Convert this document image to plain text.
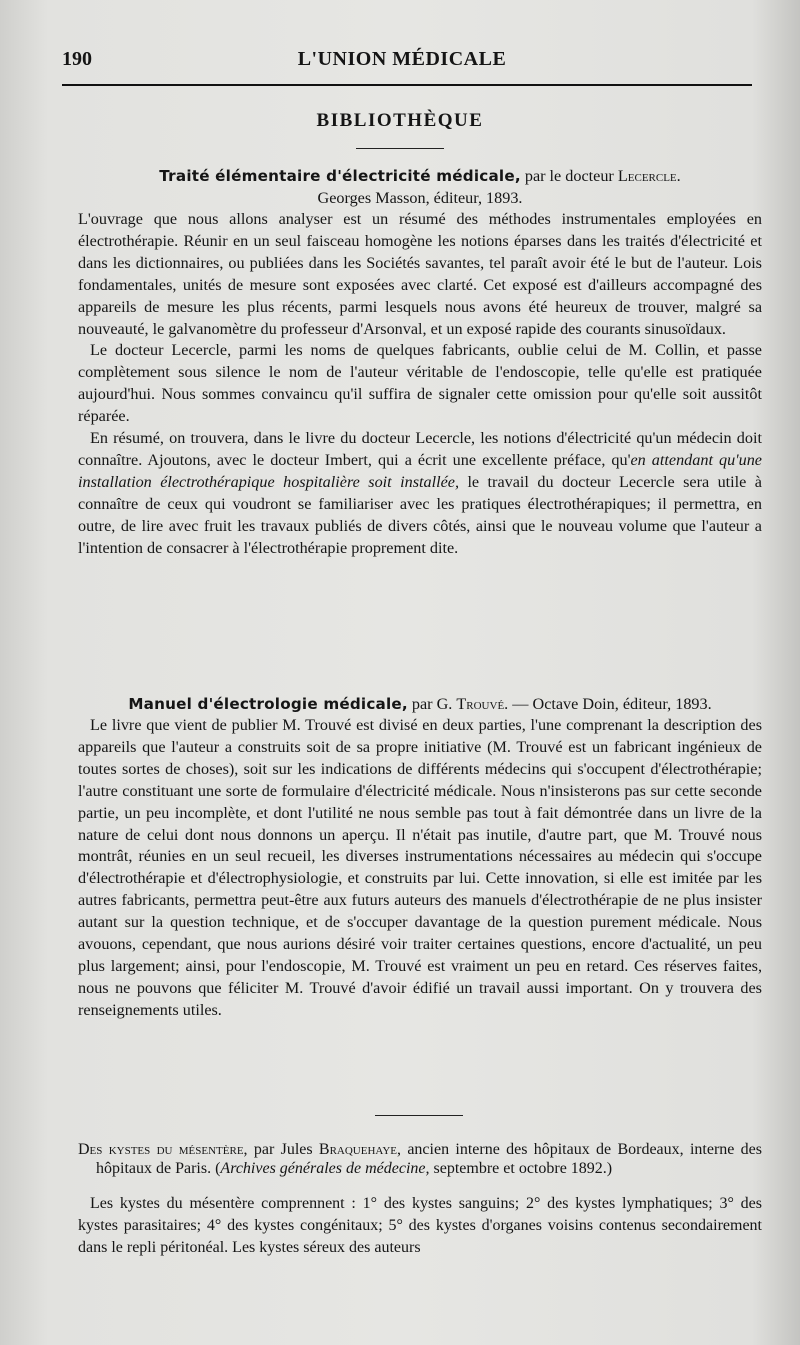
190	L'UNION MÉDICALE
BIBLIOTHÈQUE

Traité élémentaire d'électricité médicale, par le docteur Lecercle.
Georges Masson, éditeur, 1893.

L'ouvrage que nous allons analyser est un résumé des méthodes instrumentales employées en électrothérapie. Réunir en un seul faisceau homogène les notions éparses dans les traités d'électricité et dans les dictionnaires, ou publiées dans les Sociétés savantes, tel paraît avoir été le but de l'auteur. Lois fondamentales, unités de mesure sont exposées avec clarté. Cet exposé est d'ailleurs accompagné des appareils de mesure les plus récents, parmi lesquels nous avons été heureux de trouver, malgré sa nouveauté, le galvanomètre du professeur d'Arsonval, et un exposé rapide des courants sinusoïdaux.

Le docteur Lecercle, parmi les noms de quelques fabricants, oublie celui de M. Collin, et passe complètement sous silence le nom de l'auteur véritable de l'endoscopie, telle qu'elle est pratiquée aujourd'hui. Nous sommes convaincu qu'il suffira de signaler cette omission pour qu'elle soit aussitôt réparée.

En résumé, on trouvera, dans le livre du docteur Lecercle, les notions d'électricité qu'un médecin doit connaître. Ajoutons, avec le docteur Imbert, qui a écrit une excellente préface, qu'en attendant qu'une installation électrothérapique hospitalière soit installée, le travail du docteur Lecercle sera utile à connaître de ceux qui voudront se familiariser avec les pratiques électrothérapiques; il permettra, en outre, de lire avec fruit les travaux publiés de divers côtés, ainsi que le nouveau volume que l'auteur a l'intention de consacrer à l'électrothérapie proprement dite.

Manuel d'électrologie médicale, par G. Trouvé. — Octave Doin, éditeur, 1893.

Le livre que vient de publier M. Trouvé est divisé en deux parties, l'une comprenant la description des appareils que l'auteur a construits soit de sa propre initiative (M. Trouvé est un fabricant ingénieux de toutes sortes de choses), soit sur les indications de différents médecins qui s'occupent d'électrothérapie; l'autre constituant une sorte de formulaire d'électricité médicale. Nous n'insisterons pas sur cette seconde partie, un peu incomplète, et dont l'utilité ne nous semble pas tout à fait démontrée dans un livre de la nature de celui dont nous donnons un aperçu. Il n'était pas inutile, d'autre part, que M. Trouvé nous montrât, réunies en un seul recueil, les diverses instrumentations nécessaires au médecin qui s'occupe d'électrothérapie et d'électrophysiologie, et construits par lui. Cette innovation, si elle est imitée par les autres fabricants, permettra peut-être aux futurs auteurs des manuels d'électrothérapie de ne plus insister autant sur la question technique, et de s'occuper davantage de la question purement médicale. Nous avouons, cependant, que nous aurions désiré voir traiter certaines questions, encore d'actualité, un peu plus largement; ainsi, pour l'endoscopie, M. Trouvé est vraiment un peu en retard. Ces réserves faites, nous ne pouvons que féliciter M. Trouvé d'avoir édifié un travail aussi important. On y trouvera des renseignements utiles.

Des kystes du mésentère, par Jules Braquehaye, ancien interne des hôpitaux de Bordeaux, interne des hôpitaux de Paris. (Archives générales de médecine, septembre et octobre 1892.)

Les kystes du mésentère comprennent : 1° des kystes sanguins; 2° des kystes lymphatiques; 3° des kystes parasitaires; 4° des kystes congénitaux; 5° des kystes d'organes voisins contenus secondairement dans le repli péritonéal. Les kystes séreux des auteurs
